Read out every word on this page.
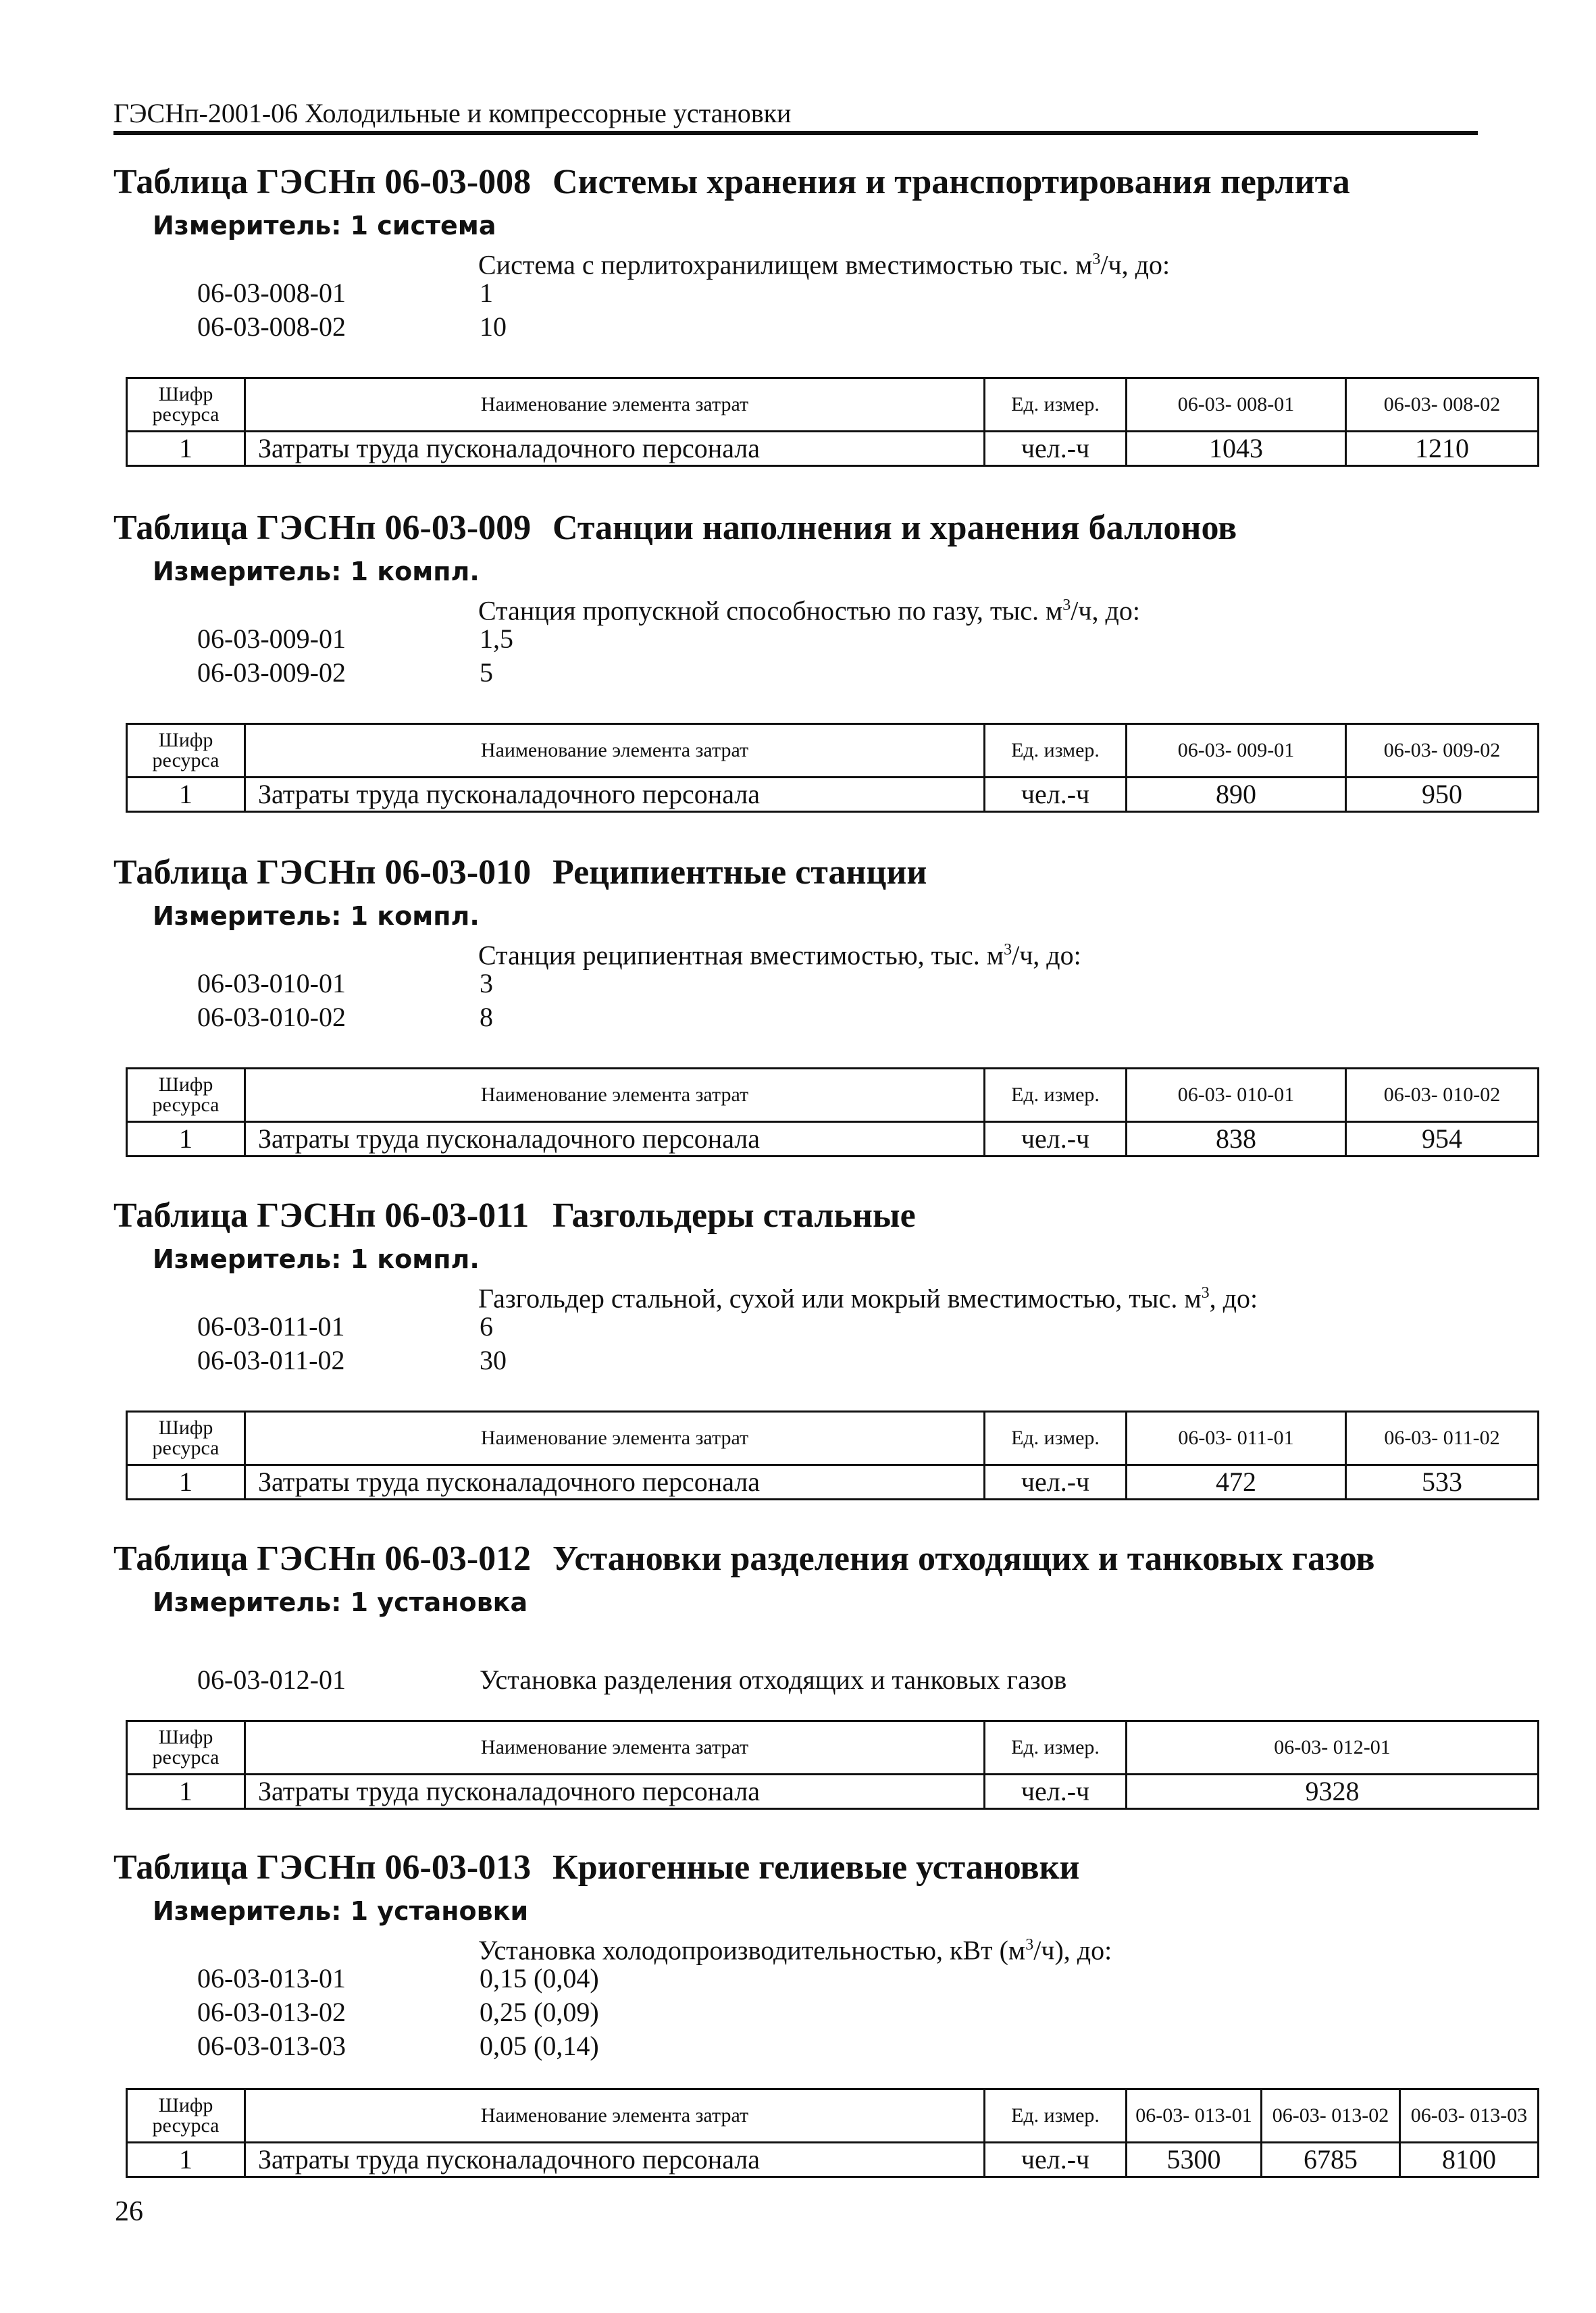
ГЭСНп-2001-06 Холодильные и компрессорные установки
Таблица ГЭСНп 06-03-008 Системы хранения и транспортирования перлита
Измеритель: 1 система
Система с перлитохранилищем вместимостью тыс. $м^3/ч$, до:
06-03-008-01	1
06-03-008-02	10
Шифр ресурса	Наименование элемента затрат	Ед. измер.	06-03- 008-01	06-03- 008-02
1	Затраты труда пусконаладочного персонала	чел.-ч	1043	1210
Таблица ГЭСНп 06-03-009 Станции наполнения и хранения баллонов
Измеритель: 1 компл.
Станция пропускной способностью по газу, тыс. $м^3/ч$, до:
06-03-009-01	1,5
06-03-009-02	5
Шифр ресурса	Наименование элемента затрат	Ед. измер.	06-03- 009-01	06-03- 009-02
1	Затраты труда пусконаладочного персонала	чел.-ч	890	950
Таблица ГЭСНп 06-03-010 Реципиентные станции
Измеритель: 1 компл.
Станция реципиентная вместимостью, тыс. $м^3/ч$, до:
06-03-010-01	3
06-03-010-02	8
Шифр ресурса	Наименование элемента затрат	Ед. измер.	06-03- 010-01	06-03- 010-02
1	Затраты труда пусконаладочного персонала	чел.-ч	838	954
Таблица ГЭСНп 06-03-011 Газгольдеры стальные
Измеритель: 1 компл.
Газгольдер стальной, сухой или мокрый вместимостью, тыс. $м^3$, до:
06-03-011-01	6
06-03-011-02	30
Шифр ресурса	Наименование элемента затрат	Ед. измер.	06-03- 011-01	06-03- 011-02
1	Затраты труда пусконаладочного персонала	чел.-ч	472	533
Таблица ГЭСНп 06-03-012 Установки разделения отходящих и танковых газов
Измеритель: 1 установка
06-03-012-01	Установка разделения отходящих и танковых газов
Шифр ресурса	Наименование элемента затрат	Ед. измер.	06-03- 012-01
1	Затраты труда пусконаладочного персонала	чел.-ч	9328
Таблица ГЭСНп 06-03-013 Криогенные гелиевые установки
Измеритель: 1 установки
Установка холодопроизводительностью, кВт $(м^3/ч)$, до:
06-03-013-01	0,15 (0,04)
06-03-013-02	0,25 (0,09)
06-03-013-03	0,05 (0,14)
Шифр ресурса	Наименование элемента затрат	Ед. измер.	06-03- 013-01	06-03- 013-02	06-03- 013-03
1	Затраты труда пусконаладочного персонала	чел.-ч	5300	6785	8100
26
